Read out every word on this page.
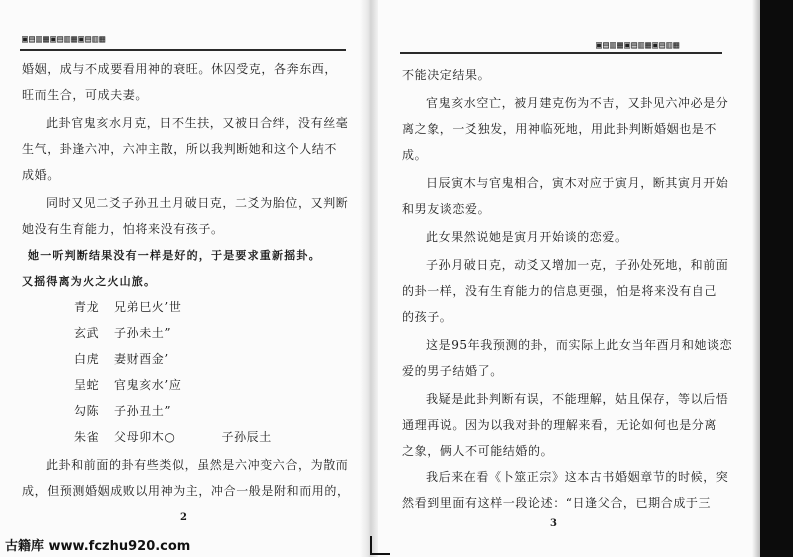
▣▤▥▦▣▤▥▦▣▤▥▦
婚姻，成与不成要看用神的衰旺。休囚受克，各奔东西，
旺而生合，可成夫妻。
此卦官鬼亥水月克，日不生扶，又被日合绊，没有丝毫
生气，卦逢六冲，六冲主散，所以我判断她和这个人结不
成婚。
同时又见二爻子孙丑土月破日克，二爻为胎位，又判断
她没有生育能力，怕将来没有孩子。
她一听判断结果没有一样是好的，于是要求重新摇卦。
又摇得离为火之火山旅。
青龙 兄弟巳火’世
玄武 子孙未土”
白虎 妻财酉金’
呈蛇 官鬼亥水’应
勾陈 子孙丑土”
朱雀 父母卯木○	子孙辰土
此卦和前面的卦有些类似，虽然是六冲变六合，为散而
成，但预测婚姻成败以用神为主，冲合一般是附和而用的，
2
▣▤▥▦▣▤▥▦▣▤▥▦
不能决定结果。
官鬼亥水空亡，被月建克伤为不吉，又卦见六冲必是分
离之象，一爻独发，用神临死地，用此卦判断婚姻也是不
成。
日辰寅木与官鬼相合，寅木对应于寅月，断其寅月开始
和男友谈恋爱。
此女果然说她是寅月开始谈的恋爱。
子孙月破日克，动爻又增加一克，子孙处死地，和前面
的卦一样，没有生育能力的信息更强，怕是将来没有自己
的孩子。
这是95年我预测的卦，而实际上此女当年酉月和她谈恋
爱的男子结婚了。
我疑是此卦判断有误，不能理解，姑且保存，等以后悟
通理再说。因为以我对卦的理解来看，无论如何也是分离
之象，俩人不可能结婚的。
我后来在看《卜筮正宗》这本古书婚姻章节的时候，突
然看到里面有这样一段论述：“日逢父合，已期合成于三
3
古籍库 www.fczhu920.com
